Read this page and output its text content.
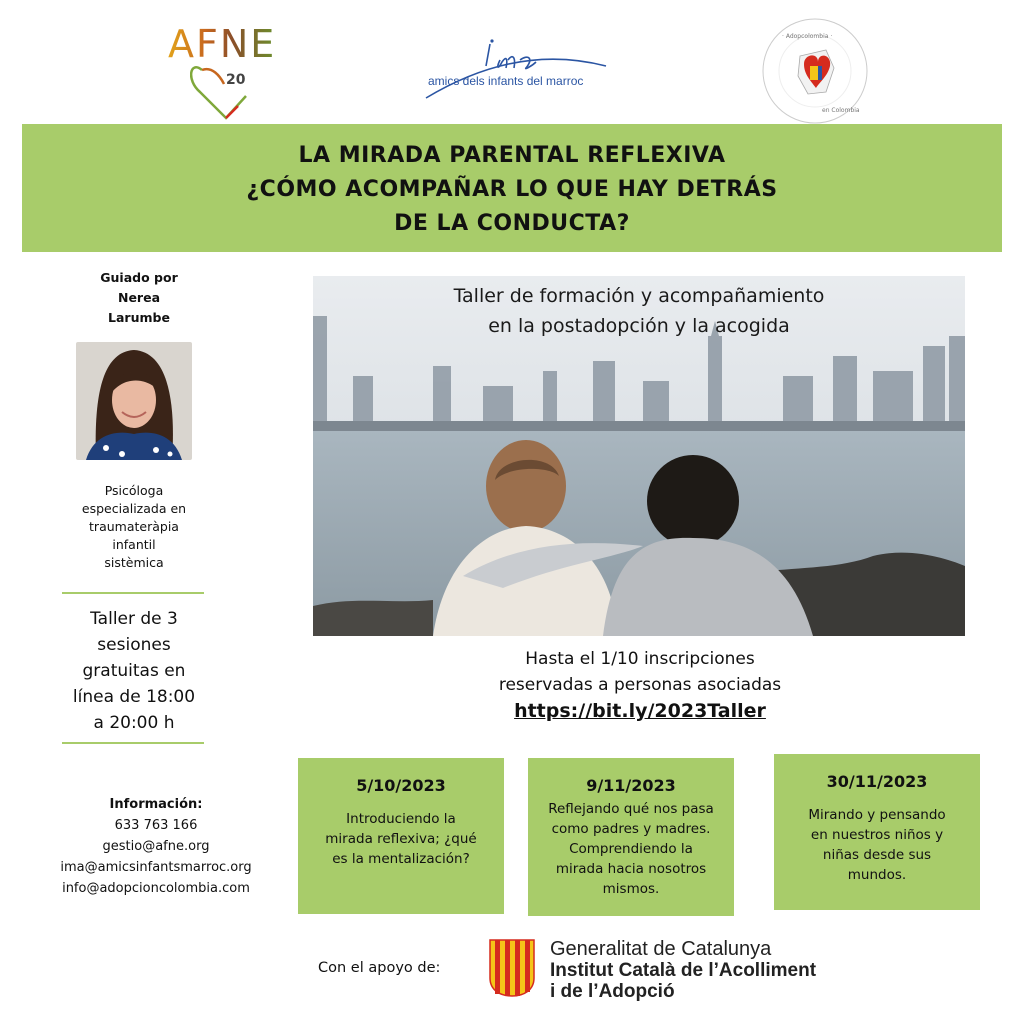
AFNE
20	amics dels infants del marroc
· Adopcolombia ·
en Colombia
LA MIRADA PARENTAL REFLEXIVA
¿CÓMO ACOMPAÑAR LO QUE HAY DETRÁS
DE LA CONDUCTA?
Guiado por
Nerea
Larumbe
Psicóloga
especializada en
traumateràpia
infantil
sistèmica
Taller de 3
sesiones
gratuitas en
línea de 18:00
a 20:00 h
Información:
633 763 166
gestio@afne.org
ima@amicsinfantsmarroc.org
info@adopcioncolombia.com
Taller de formación y acompañamiento
en la postadopción y la acogida
Hasta el 1/10 inscripciones
reservadas a personas asociadas
https://bit.ly/2023Taller
5/10/2023
Introduciendo la
mirada reflexiva; ¿qué
es la mentalización?
9/11/2023
Reflejando qué nos pasa
como padres y madres.
Comprendiendo la
mirada hacia nosotros
mismos.
30/11/2023
Mirando y pensando
en nuestros niños y
niñas desde sus
mundos.
Con el apoyo de:
Generalitat de Catalunya
Institut Català de l’Acolliment
i de l’Adopció
